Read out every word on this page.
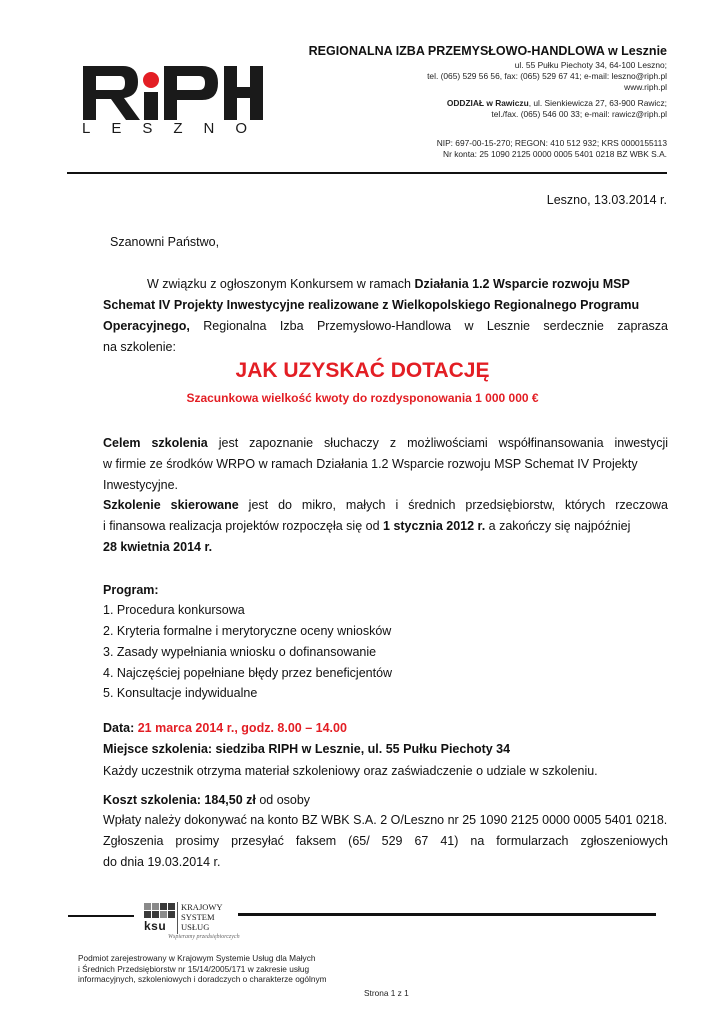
LESZNO
REGIONALNA IZBA PRZEMYSŁOWO-HANDLOWA w Lesznie
ul. 55 Pułku Piechoty 34, 64-100 Leszno;
tel. (065) 529 56 56, fax: (065) 529 67 41; e-mail: leszno@riph.pl
www.riph.pl
ODDZIAŁ w Rawiczu, ul. Sienkiewicza 27, 63-900 Rawicz;
tel./fax. (065) 546 00 33; e-mail: rawicz@riph.pl
NIP: 697-00-15-270; REGON: 410 512 932; KRS 0000155113
Nr konta: 25 1090 2125 0000 0005 5401 0218 BZ WBK S.A.
Leszno, 13.03.2014 r.
Szanowni Państwo,
W związku z ogłoszonym Konkursem w ramach Działania 1.2 Wsparcie rozwoju MSP
Schemat IV Projekty Inwestycyjne realizowane z Wielkopolskiego Regionalnego Programu
Operacyjnego, Regionalna Izba Przemysłowo-Handlowa w Lesznie serdecznie zaprasza
na szkolenie:
JAK UZYSKAĆ DOTACJĘ
Szacunkowa wielkość kwoty do rozdysponowania 1 000 000 €
Celem szkolenia jest zapoznanie słuchaczy z możliwościami współfinansowania inwestycji
w firmie ze środków WRPO w ramach Działania 1.2 Wsparcie rozwoju MSP Schemat IV Projekty
Inwestycyjne.
Szkolenie skierowane jest do mikro, małych i średnich przedsiębiorstw, których rzeczowa
i finansowa realizacja projektów rozpoczęła się od 1 stycznia 2012 r. a zakończy się najpóźniej
28 kwietnia 2014 r.
Program:
1. Procedura konkursowa
2. Kryteria formalne i merytoryczne oceny wniosków
3. Zasady wypełniania wniosku o dofinansowanie
4. Najczęściej popełniane błędy przez beneficjentów
5. Konsultacje indywidualne
Data: 21 marca 2014 r., godz. 8.00 – 14.00
Miejsce szkolenia: siedziba RIPH w Lesznie, ul. 55 Pułku Piechoty 34
Każdy uczestnik otrzyma materiał szkoleniowy oraz zaświadczenie o udziale w szkoleniu.
Koszt szkolenia: 184,50 zł od osoby
Wpłaty należy dokonywać na konto BZ WBK S.A. 2 O/Leszno nr 25 1090 2125 0000 0005 5401 0218.
Zgłoszenia prosimy przesyłać faksem (65/ 529 67 41) na formularzach zgłoszeniowych
do dnia 19.03.2014 r.
ksu
KRAJOWY
SYSTEM
USŁUG
Wspieramy przedsiębiorczych
Podmiot zarejestrowany w Krajowym Systemie Usług dla Małych
i Średnich Przedsiębiorstw nr 15/14/2005/171 w zakresie usług
informacyjnych, szkoleniowych i doradczych o charakterze ogólnym
Strona 1 z 1
